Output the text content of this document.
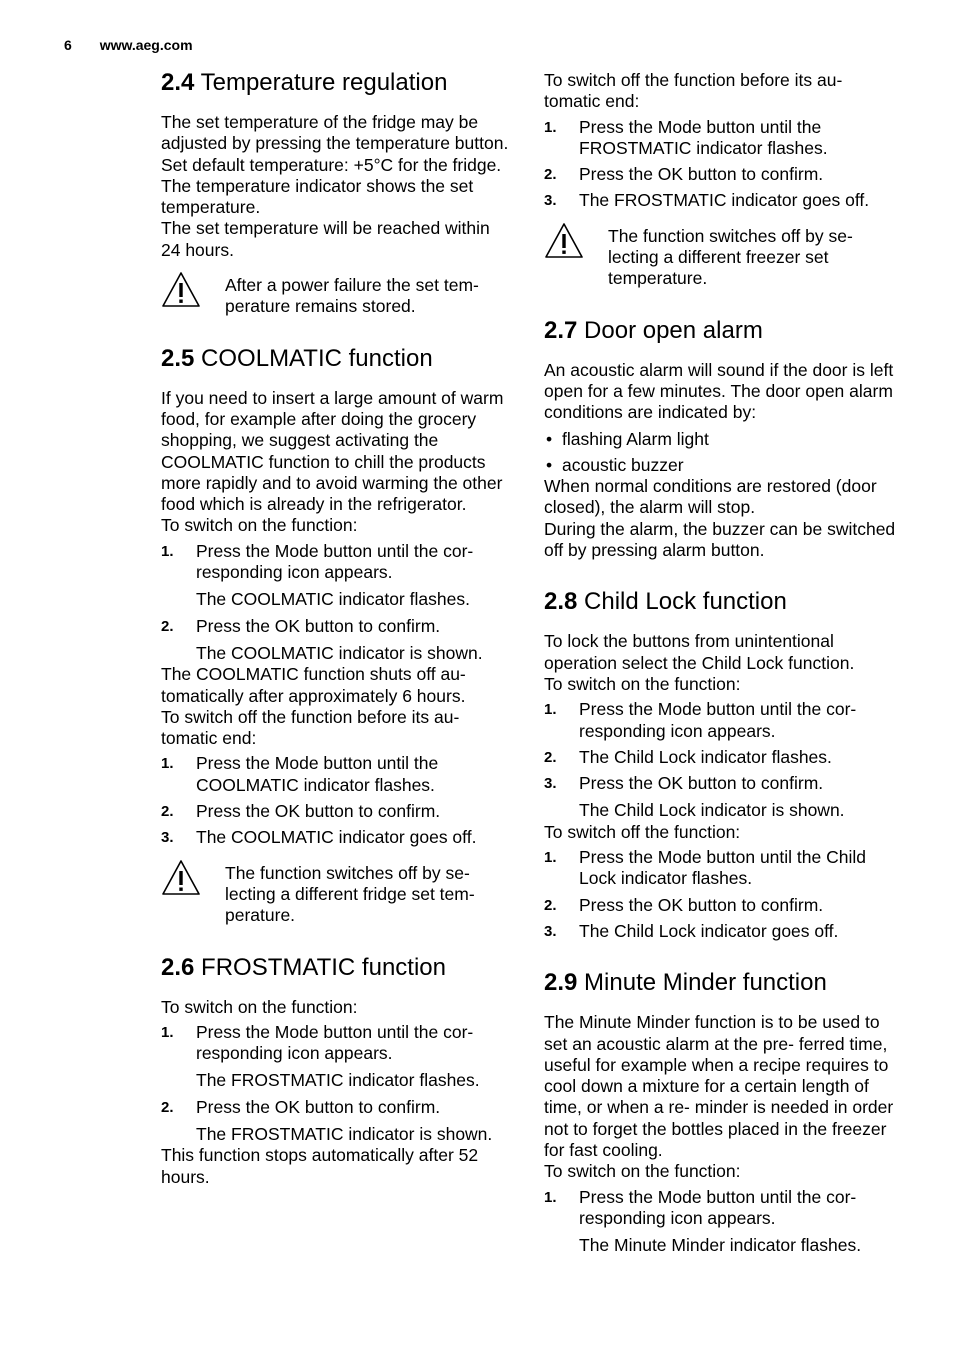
6 www.aeg.com
2.4 Temperature regulation

The set temperature of the fridge may be adjusted by pressing the temperature button.

Set default temperature: +5°C for the fridge.

The temperature indicator shows the set temperature.

The set temperature will be reached within 24 hours.

After a power failure the set tem- perature remains stored.

2.5 COOLMATIC function

If you need to insert a large amount of warm food, for example after doing the grocery shopping, we suggest activating the COOLMATIC function to chill the products more rapidly and to avoid warming the other food which is already in the refrigerator.

To switch on the function:

1. Press the Mode button until the cor- responding icon appears.
The COOLMATIC indicator flashes.
2. Press the OK button to confirm.
The COOLMATIC indicator is shown.

The COOLMATIC function shuts off au- tomatically after approximately 6 hours.

To switch off the function before its au- tomatic end:

1. Press the Mode button until the COOLMATIC indicator flashes.
2. Press the OK button to confirm.
3. The COOLMATIC indicator goes off.

The function switches off by se- lecting a different fridge set tem- perature.

2.6 FROSTMATIC function

To switch on the function:

1. Press the Mode button until the cor- responding icon appears.
The FROSTMATIC indicator flashes.
2. Press the OK button to confirm.
The FROSTMATIC indicator is shown.

This function stops automatically after 52 hours.

To switch off the function before its au- tomatic end:

1. Press the Mode button until the FROSTMATIC indicator flashes.
2. Press the OK button to confirm.
3. The FROSTMATIC indicator goes off.

The function switches off by se- lecting a different freezer set temperature.

2.7 Door open alarm

An acoustic alarm will sound if the door is left open for a few minutes. The door open alarm conditions are indicated by:

• flashing Alarm light
• acoustic buzzer

When normal conditions are restored (door closed), the alarm will stop.

During the alarm, the buzzer can be switched off by pressing alarm button.

2.8 Child Lock function

To lock the buttons from unintentional operation select the Child Lock function.

To switch on the function:

1. Press the Mode button until the cor- responding icon appears.
2. The Child Lock indicator flashes.
3. Press the OK button to confirm.
The Child Lock indicator is shown.

To switch off the function:

1. Press the Mode button until the Child Lock indicator flashes.
2. Press the OK button to confirm.
3. The Child Lock indicator goes off.
2.9 Minute Minder function

The Minute Minder function is to be used to set an acoustic alarm at the pre- ferred time, useful for example when a recipe requires to cool down a mixture for a certain length of time, or when a re- minder is needed in order not to forget the bottles placed in the freezer for fast cooling.

To switch on the function:

1. Press the Mode button until the cor- responding icon appears.
The Minute Minder indicator flashes.
